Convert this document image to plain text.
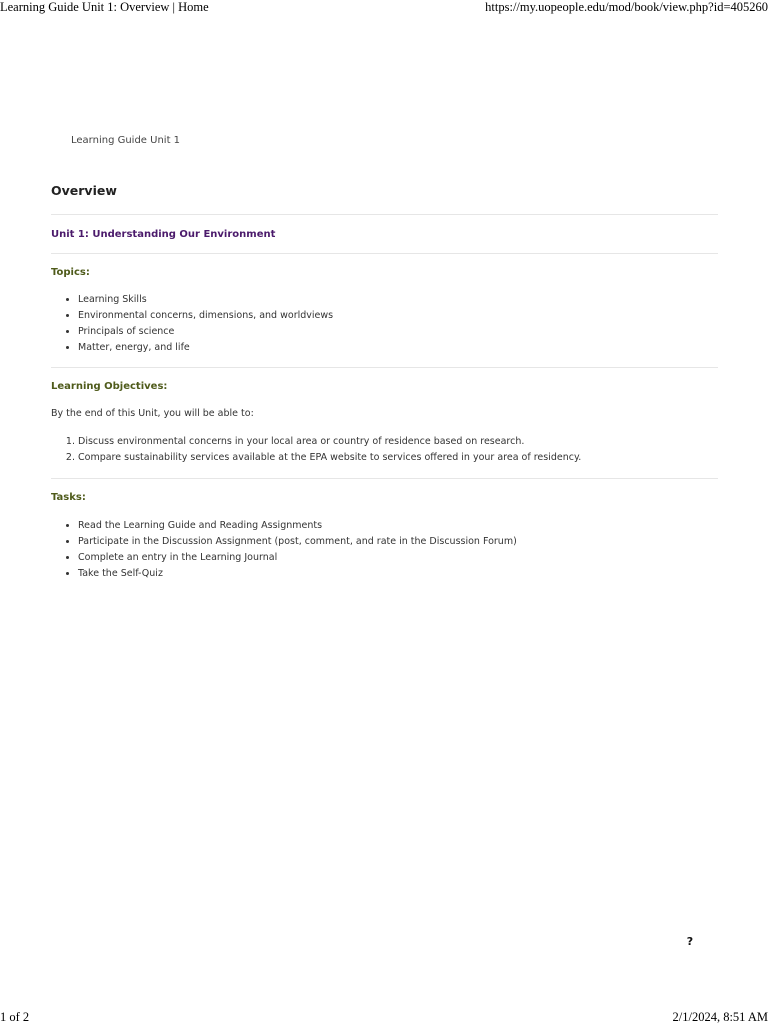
Learning Guide Unit 1: Overview | Home	https://my.uopeople.edu/mod/book/view.php?id=405260
Learning Guide Unit 1
Overview
Unit 1: Understanding Our Environment
Topics:
• Learning Skills
• Environmental concerns, dimensions, and worldviews
• Principals of science
• Matter, energy, and life
Learning Objectives:

By the end of this Unit, you will be able to:

1. Discuss environmental concerns in your local area or country of residence based on research.
2. Compare sustainability services available at the EPA website to services offered in your area of residency.
Tasks:
• Read the Learning Guide and Reading Assignments
• Participate in the Discussion Assignment (post, comment, and rate in the Discussion Forum)
• Complete an entry in the Learning Journal
• Take the Self-Quiz
?
1 of 2	2/1/2024, 8:51 AM
